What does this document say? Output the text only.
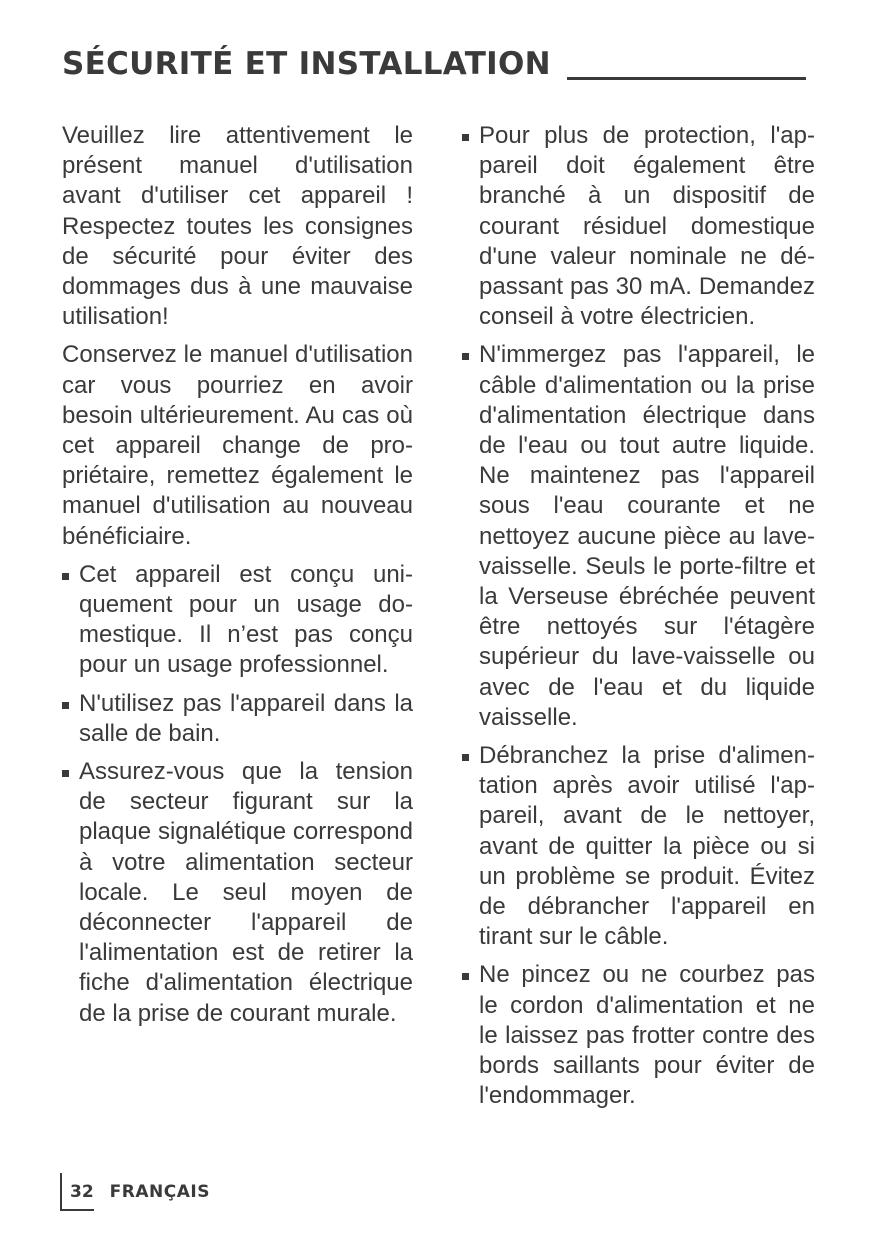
SÉCURITÉ ET INSTALLATION

Veuillez lire attentivement le présent manuel d'utilisation avant d'utiliser cet appareil ! Respectez toutes les consignes de sécurité pour éviter des dommages dus à une mauvaise utilisation!

Conservez le manuel d'utilisation car vous pourriez en avoir besoin ultérieurement. Au cas où cet appareil change de propriétaire, remettez également le manuel d'utilisation au nouveau bénéficiaire.

Cet appareil est conçu uniquement pour un usage domestique. Il n’est pas conçu pour un usage professionnel.
N'utilisez pas l'appareil dans la salle de bain.
Assurez-vous que la tension de secteur figurant sur la plaque signalétique correspond à votre alimentation secteur locale. Le seul moyen de déconnecter l'appareil de l'alimentation est de retirer la fiche d'alimentation électrique de la prise de courant murale.
Pour plus de protection, l'appareil doit également être branché à un dispositif de courant résiduel domestique d'une valeur nominale ne dépassant pas 30 mA. Demandez conseil à votre électricien.
N'immergez pas l'appareil, le câble d'alimentation ou la prise d'alimentation électrique dans de l'eau ou tout autre liquide. Ne maintenez pas l'appareil sous l'eau courante et ne nettoyez aucune pièce au lave-vaisselle. Seuls le porte-filtre et la Verseuse ébréchée peuvent être nettoyés sur l'étagère supérieur du lave-vaisselle ou avec de l'eau et du liquide vaisselle.
Débranchez la prise d'alimentation après avoir utilisé l'appareil, avant de le nettoyer, avant de quitter la pièce ou si un problème se produit. Évitez de débrancher l'appareil en tirant sur le câble.
Ne pincez ou ne courbez pas le cordon d'alimentation et ne le laissez pas frotter contre des bords saillants pour éviter de l'endommager.
32 FRANÇAIS
